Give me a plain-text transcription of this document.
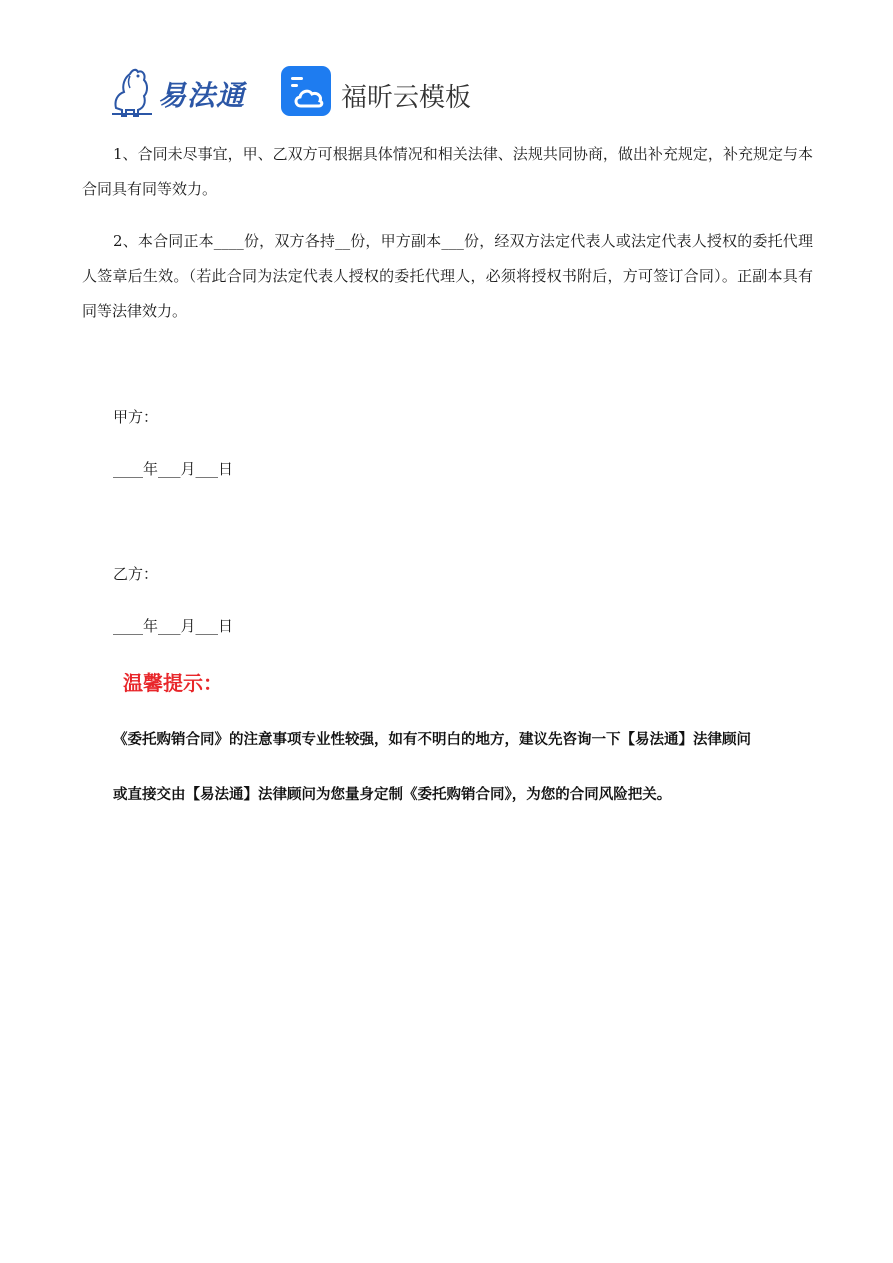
易法通	福昕云模板

1、合同未尽事宜，甲、乙双方可根据具体情况和相关法律、法规共同协商，做出补充规定，补充规定与本合同具有同等效力。

2、本合同正本____份，双方各持__份，甲方副本___份，经双方法定代表人或法定代表人授权的委托代理人签章后生效。（若此合同为法定代表人授权的委托代理人，必须将授权书附后，方可签订合同）。正副本具有同等法律效力。

甲方：

____年___月___日

乙方：

____年___月___日

温馨提示：

《委托购销合同》的注意事项专业性较强，如有不明白的地方，建议先咨询一下【易法通】法律顾问

或直接交由【易法通】法律顾问为您量身定制《委托购销合同》，为您的合同风险把关。
